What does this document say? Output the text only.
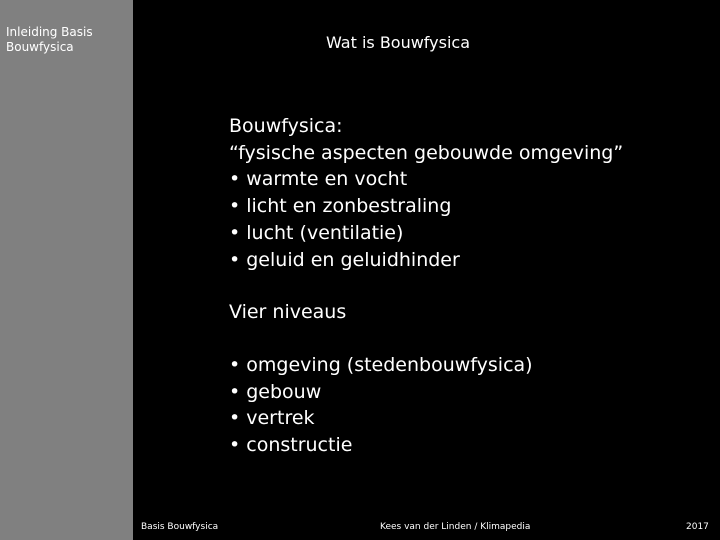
Inleiding Basis
Bouwfysica	Wat is Bouwfysica
Bouwfysica:
“fysische aspecten gebouwde omgeving”
• warmte en vocht
• licht en zonbestraling
• lucht (ventilatie)
• geluid en geluidhinder
Vier niveaus
• omgeving (stedenbouwfysica)
• gebouw
• vertrek
• constructie
Basis Bouwfysica	Kees van der Linden / Klimapedia	2017
